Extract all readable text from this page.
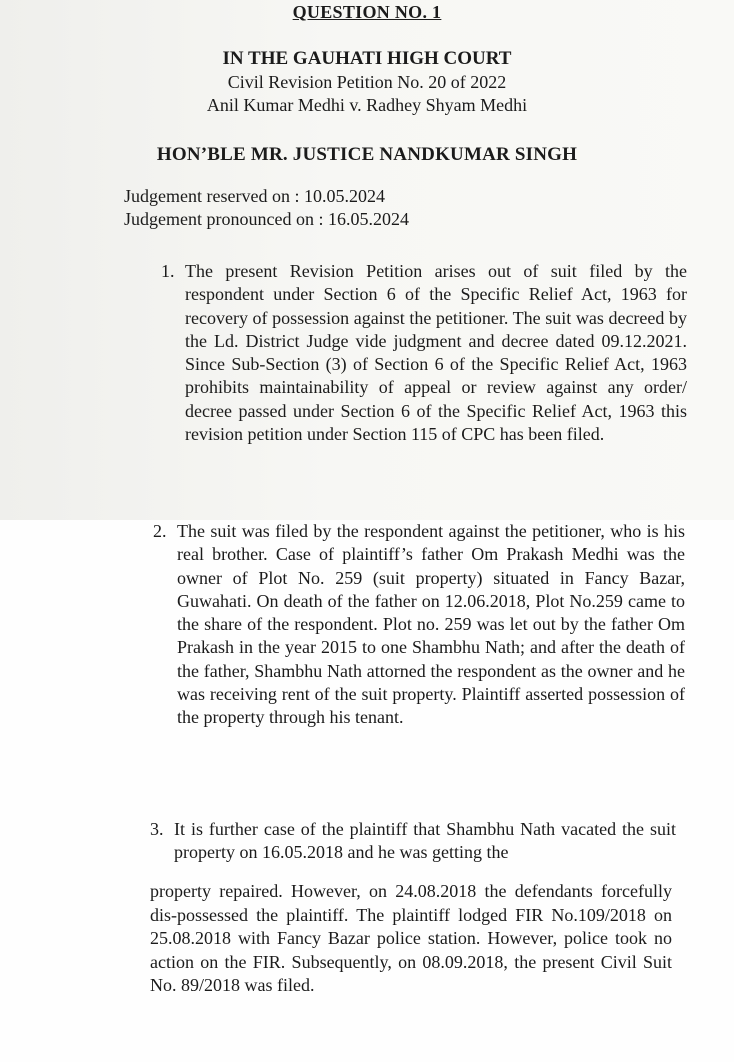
QUESTION NO. 1
IN THE GAUHATI HIGH COURT
Civil Revision Petition No. 20 of 2022
Anil Kumar Medhi v. Radhey Shyam Medhi
HON’BLE MR. JUSTICE NANDKUMAR SINGH
Judgement reserved on : 10.05.2024
Judgement pronounced on : 16.05.2024
1. The present Revision Petition arises out of suit filed by the respondent under Section 6 of the Specific Relief Act, 1963 for recovery of possession against the petitioner. The suit was decreed by the Ld. District Judge vide judgment and decree dated 09.12.2021. Since Sub-Section (3) of Section 6 of the Specific Relief Act, 1963 prohibits maintainability of appeal or review against any order/ decree passed under Section 6 of the Specific Relief Act, 1963 this revision petition under Section 115 of CPC has been filed.
2. The suit was filed by the respondent against the petitioner, who is his real brother. Case of plaintiff’s father Om Prakash Medhi was the owner of Plot No. 259 (suit property) situated in Fancy Bazar, Guwahati. On death of the father on 12.06.2018, Plot No.259 came to the share of the respondent. Plot no. 259 was let out by the father Om Prakash in the year 2015 to one Shambhu Nath; and after the death of the father, Shambhu Nath attorned the respondent as the owner and he was receiving rent of the suit property. Plaintiff asserted possession of the property through his tenant.
3. It is further case of the plaintiff that Shambhu Nath vacated the suit property on 16.05.2018 and he was getting the
property repaired. However, on 24.08.2018 the defendants forcefully dis-possessed the plaintiff. The plaintiff lodged FIR No.109/2018 on 25.08.2018 with Fancy Bazar police station. However, police took no action on the FIR. Subsequently, on 08.09.2018, the present Civil Suit No. 89/2018 was filed.
